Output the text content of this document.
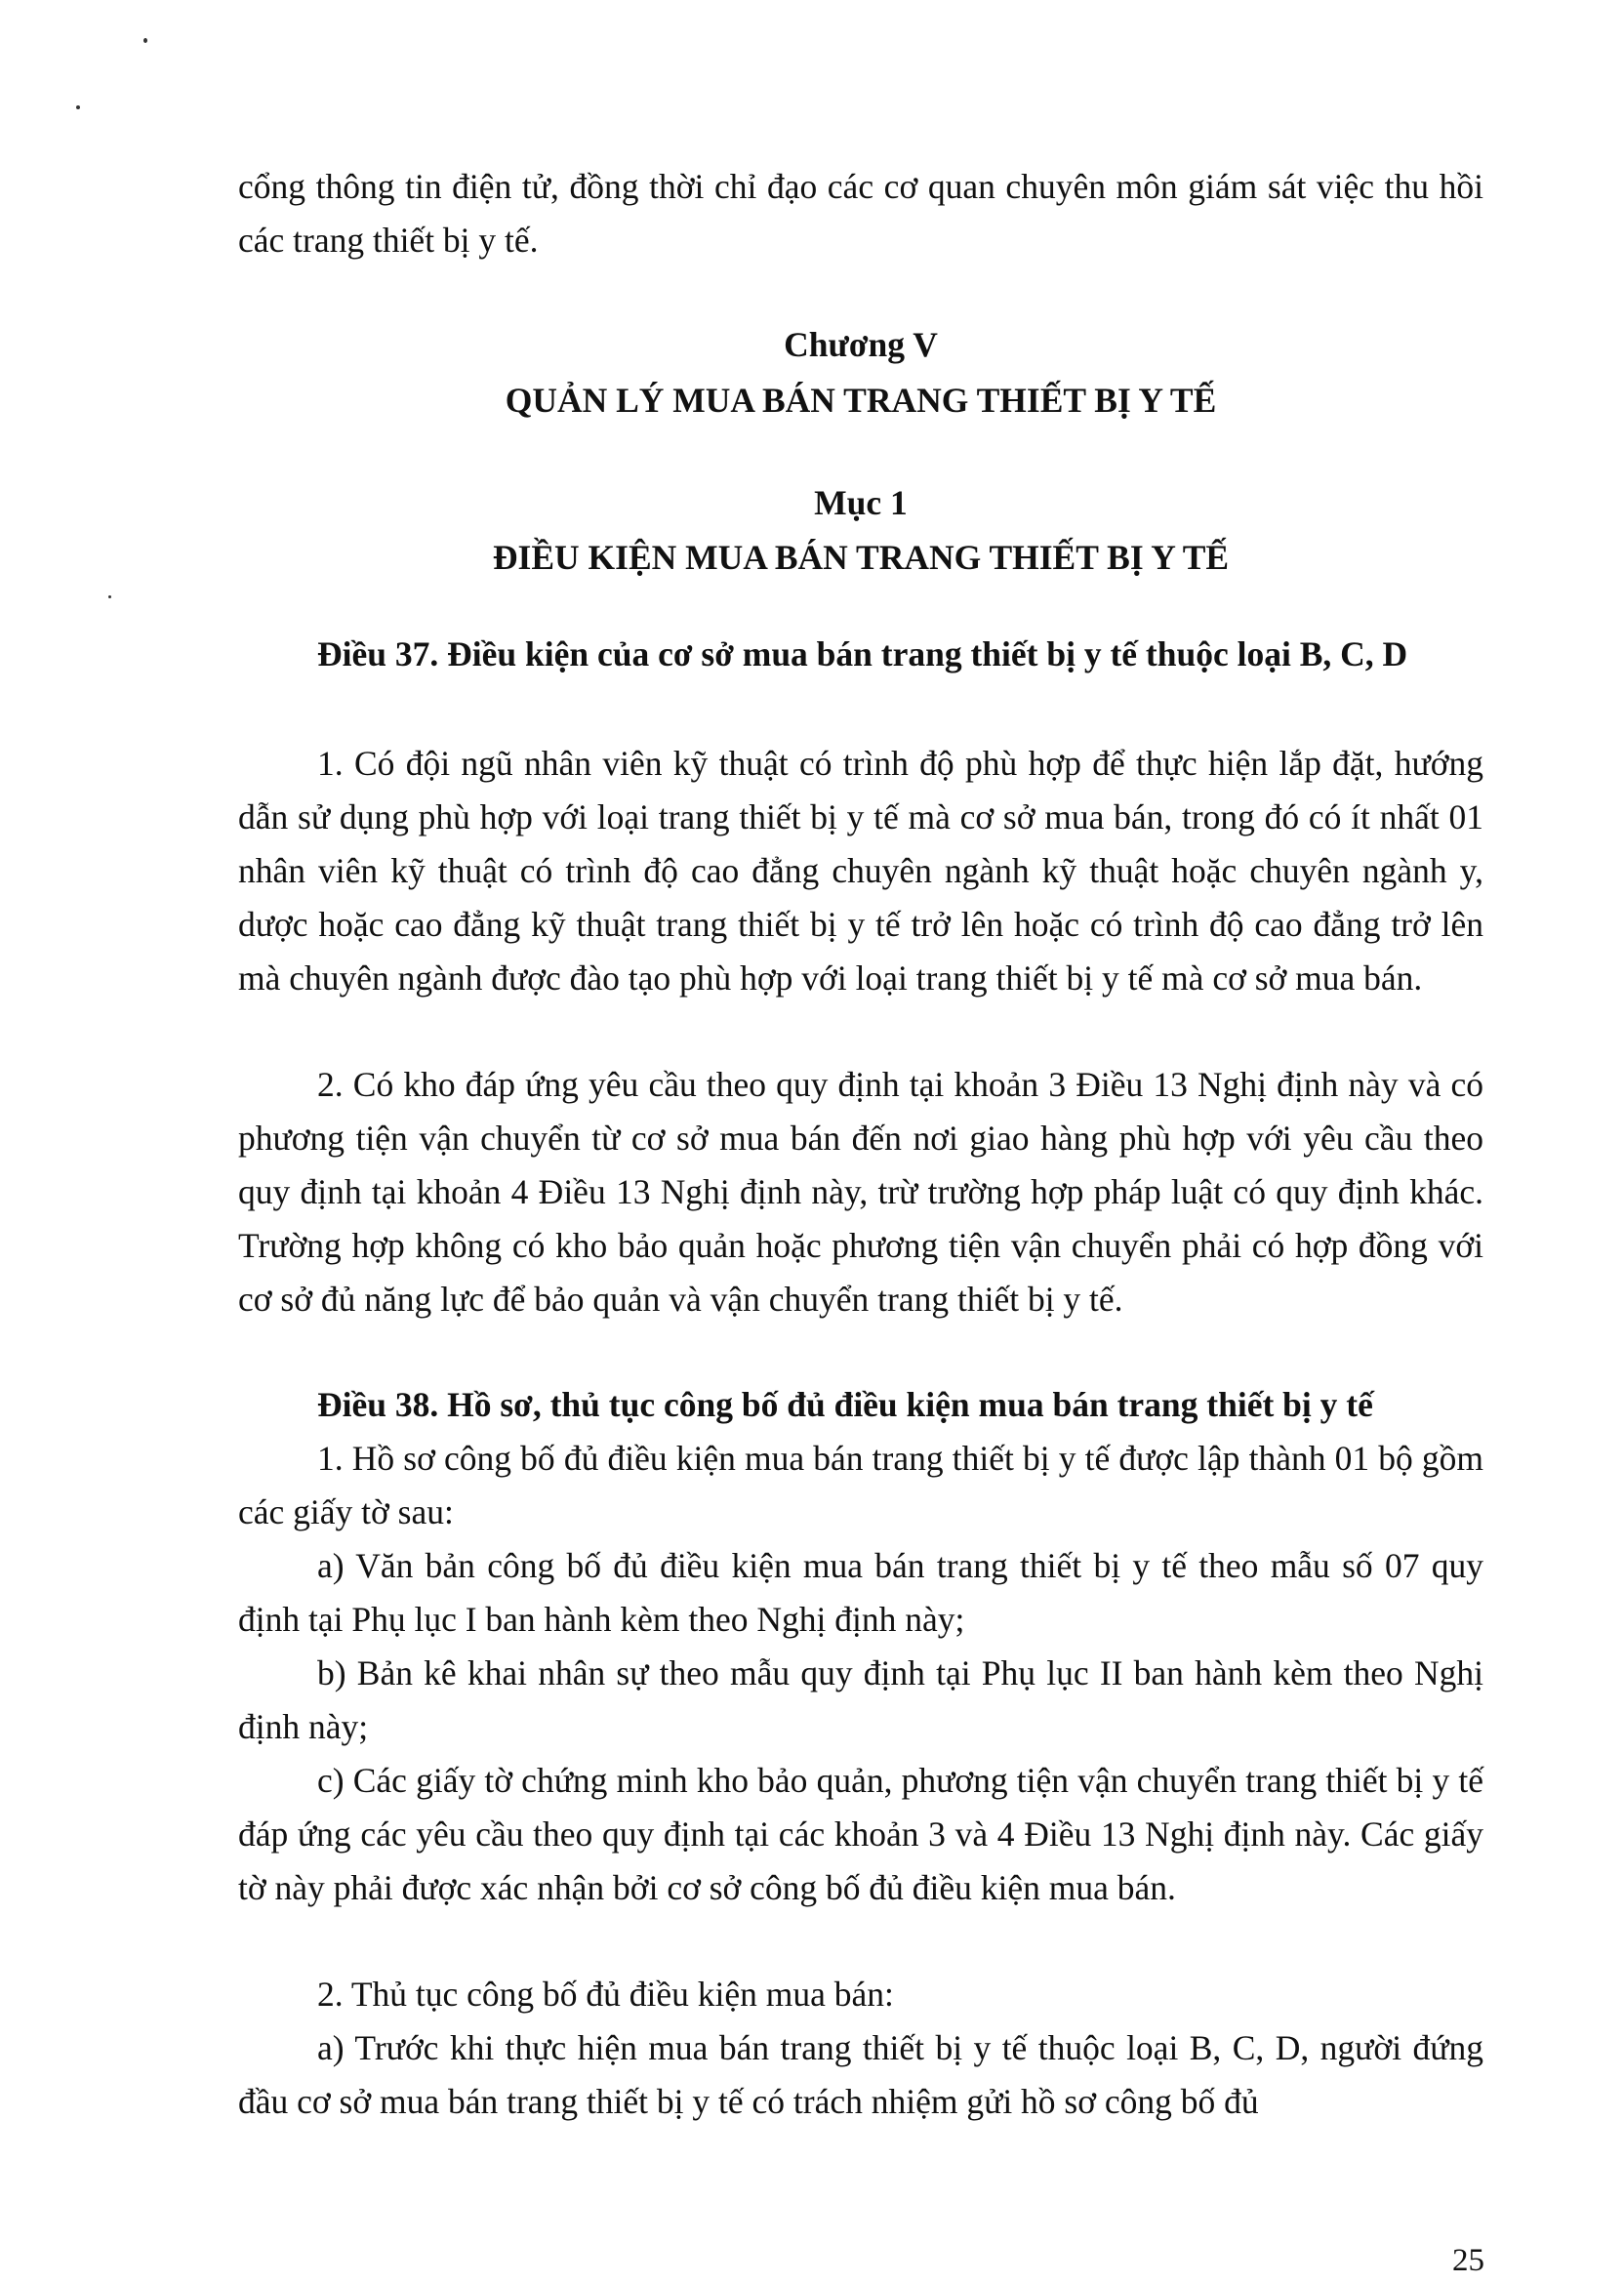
cổng thông tin điện tử, đồng thời chỉ đạo các cơ quan chuyên môn giám sát việc thu hồi các trang thiết bị y tế.

Chương V

QUẢN LÝ MUA BÁN TRANG THIẾT BỊ Y TẾ

Mục 1

ĐIỀU KIỆN MUA BÁN TRANG THIẾT BỊ Y TẾ

Điều 37. Điều kiện của cơ sở mua bán trang thiết bị y tế thuộc loại B, C, D

1. Có đội ngũ nhân viên kỹ thuật có trình độ phù hợp để thực hiện lắp đặt, hướng dẫn sử dụng phù hợp với loại trang thiết bị y tế mà cơ sở mua bán, trong đó có ít nhất 01 nhân viên kỹ thuật có trình độ cao đẳng chuyên ngành kỹ thuật hoặc chuyên ngành y, dược hoặc cao đẳng kỹ thuật trang thiết bị y tế trở lên hoặc có trình độ cao đẳng trở lên mà chuyên ngành được đào tạo phù hợp với loại trang thiết bị y tế mà cơ sở mua bán.

2. Có kho đáp ứng yêu cầu theo quy định tại khoản 3 Điều 13 Nghị định này và có phương tiện vận chuyển từ cơ sở mua bán đến nơi giao hàng phù hợp với yêu cầu theo quy định tại khoản 4 Điều 13 Nghị định này, trừ trường hợp pháp luật có quy định khác. Trường hợp không có kho bảo quản hoặc phương tiện vận chuyển phải có hợp đồng với cơ sở đủ năng lực để bảo quản và vận chuyển trang thiết bị y tế.

Điều 38. Hồ sơ, thủ tục công bố đủ điều kiện mua bán trang thiết bị y tế

1. Hồ sơ công bố đủ điều kiện mua bán trang thiết bị y tế được lập thành 01 bộ gồm các giấy tờ sau:

a) Văn bản công bố đủ điều kiện mua bán trang thiết bị y tế theo mẫu số 07 quy định tại Phụ lục I ban hành kèm theo Nghị định này;

b) Bản kê khai nhân sự theo mẫu quy định tại Phụ lục II ban hành kèm theo Nghị định này;

c) Các giấy tờ chứng minh kho bảo quản, phương tiện vận chuyển trang thiết bị y tế đáp ứng các yêu cầu theo quy định tại các khoản 3 và 4 Điều 13 Nghị định này. Các giấy tờ này phải được xác nhận bởi cơ sở công bố đủ điều kiện mua bán.

2. Thủ tục công bố đủ điều kiện mua bán:

a) Trước khi thực hiện mua bán trang thiết bị y tế thuộc loại B, C, D, người đứng đầu cơ sở mua bán trang thiết bị y tế có trách nhiệm gửi hồ sơ công bố đủ

25
